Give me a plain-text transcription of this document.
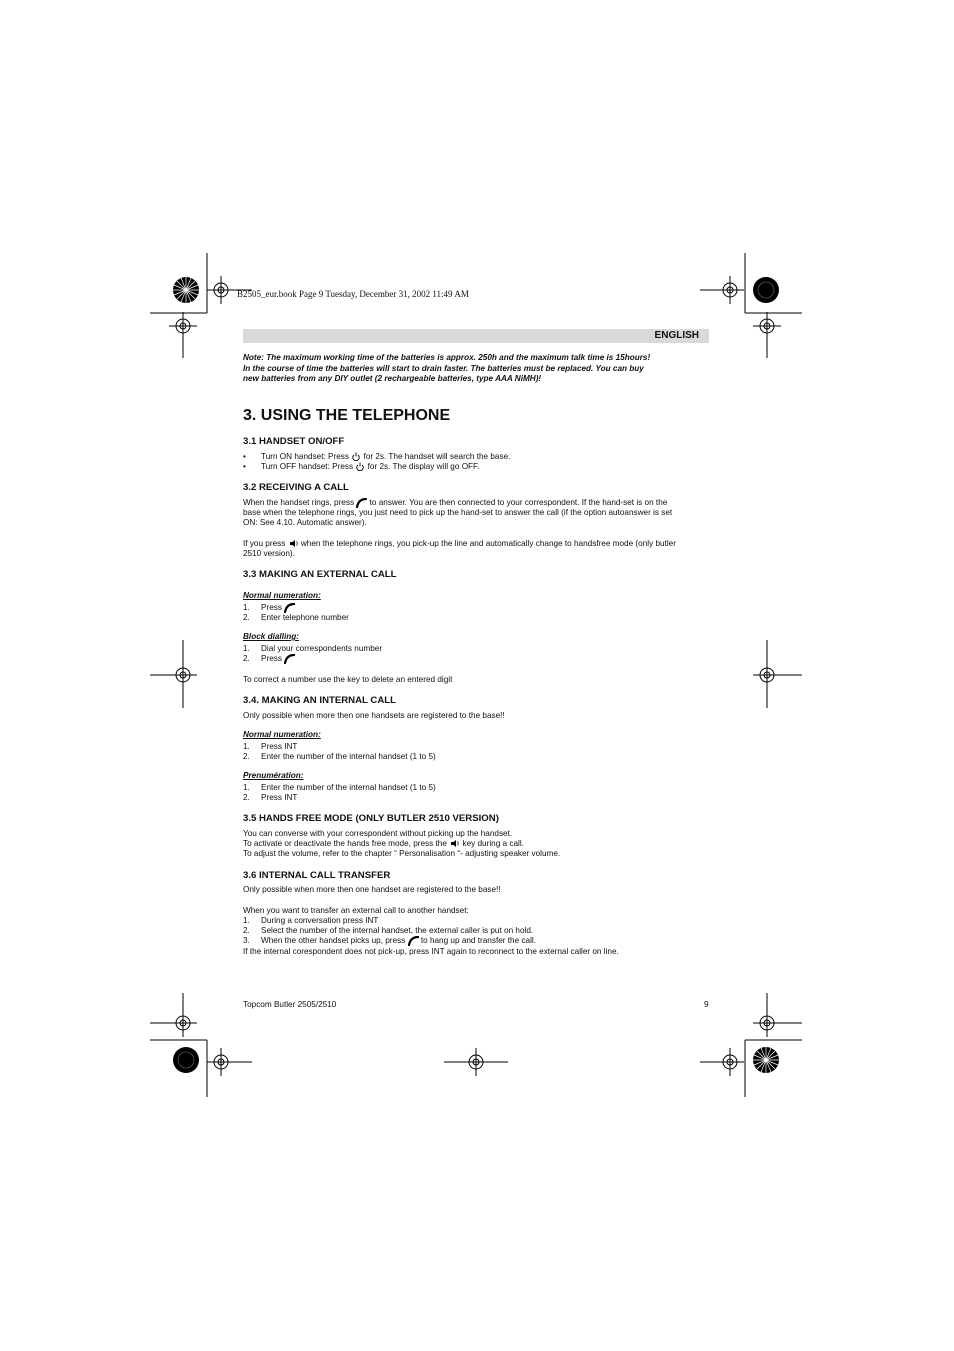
B2505_eur.book Page 9 Tuesday, December 31, 2002 11:49 AM
ENGLISH
Note: The maximum working time of the batteries is approx. 250h and the maximum talk time is 15hours!
In the course of time the batteries will start to drain faster. The batteries must be replaced. You can buy
new batteries from any DIY outlet (2 rechargeable batteries, type AAA NiMH)!
3. USING THE TELEPHONE
3.1 HANDSET ON/OFF
• Turn ON handset: Press for 2s. The handset will search the base.
• Turn OFF handset: Press for 2s. The display will go OFF.
3.2 RECEIVING A CALL
When the handset rings, press to answer. You are then connected to your correspondent. If the hand-set is on the
base when the telephone rings, you just need to pick up the hand-set to answer the call (if the option autoanswer is set
ON: See 4.10. Automatic answer).
If you press when the telephone rings, you pick-up the line and automatically change to handsfree mode (only butler
2510 version).
3.3 MAKING AN EXTERNAL CALL
Normal numeration:
1. Press
2. Enter telephone number
Block dialling:
1. Dial your correspondents number
2. Press
To correct a number use the key to delete an entered digit
3.4. MAKING AN INTERNAL CALL
Only possible when more then one handsets are registered to the base!!
Normal numeration:
1. Press INT
2. Enter the number of the internal handset (1 to 5)
Prenumération:
1. Enter the number of the internal handset (1 to 5)
2. Press INT
3.5 HANDS FREE MODE (ONLY BUTLER 2510 VERSION)
You can converse with your correspondent without picking up the handset.
To activate or deactivate the hands free mode, press the key during a call.
To adjust the volume, refer to the chapter “ Personalisation “- adjusting speaker volume.
3.6 INTERNAL CALL TRANSFER
Only possible when more then one handset are registered to the base!!
When you want to transfer an external call to another handset:
1. During a conversation press INT
2. Select the number of the internal handset, the external caller is put on hold.
3. When the other handset picks up, press to hang up and transfer the call.
If the internal corespondent does not pick-up, press INT again to reconnect to the external caller on line.
Topcom Butler 2505/2510	9
